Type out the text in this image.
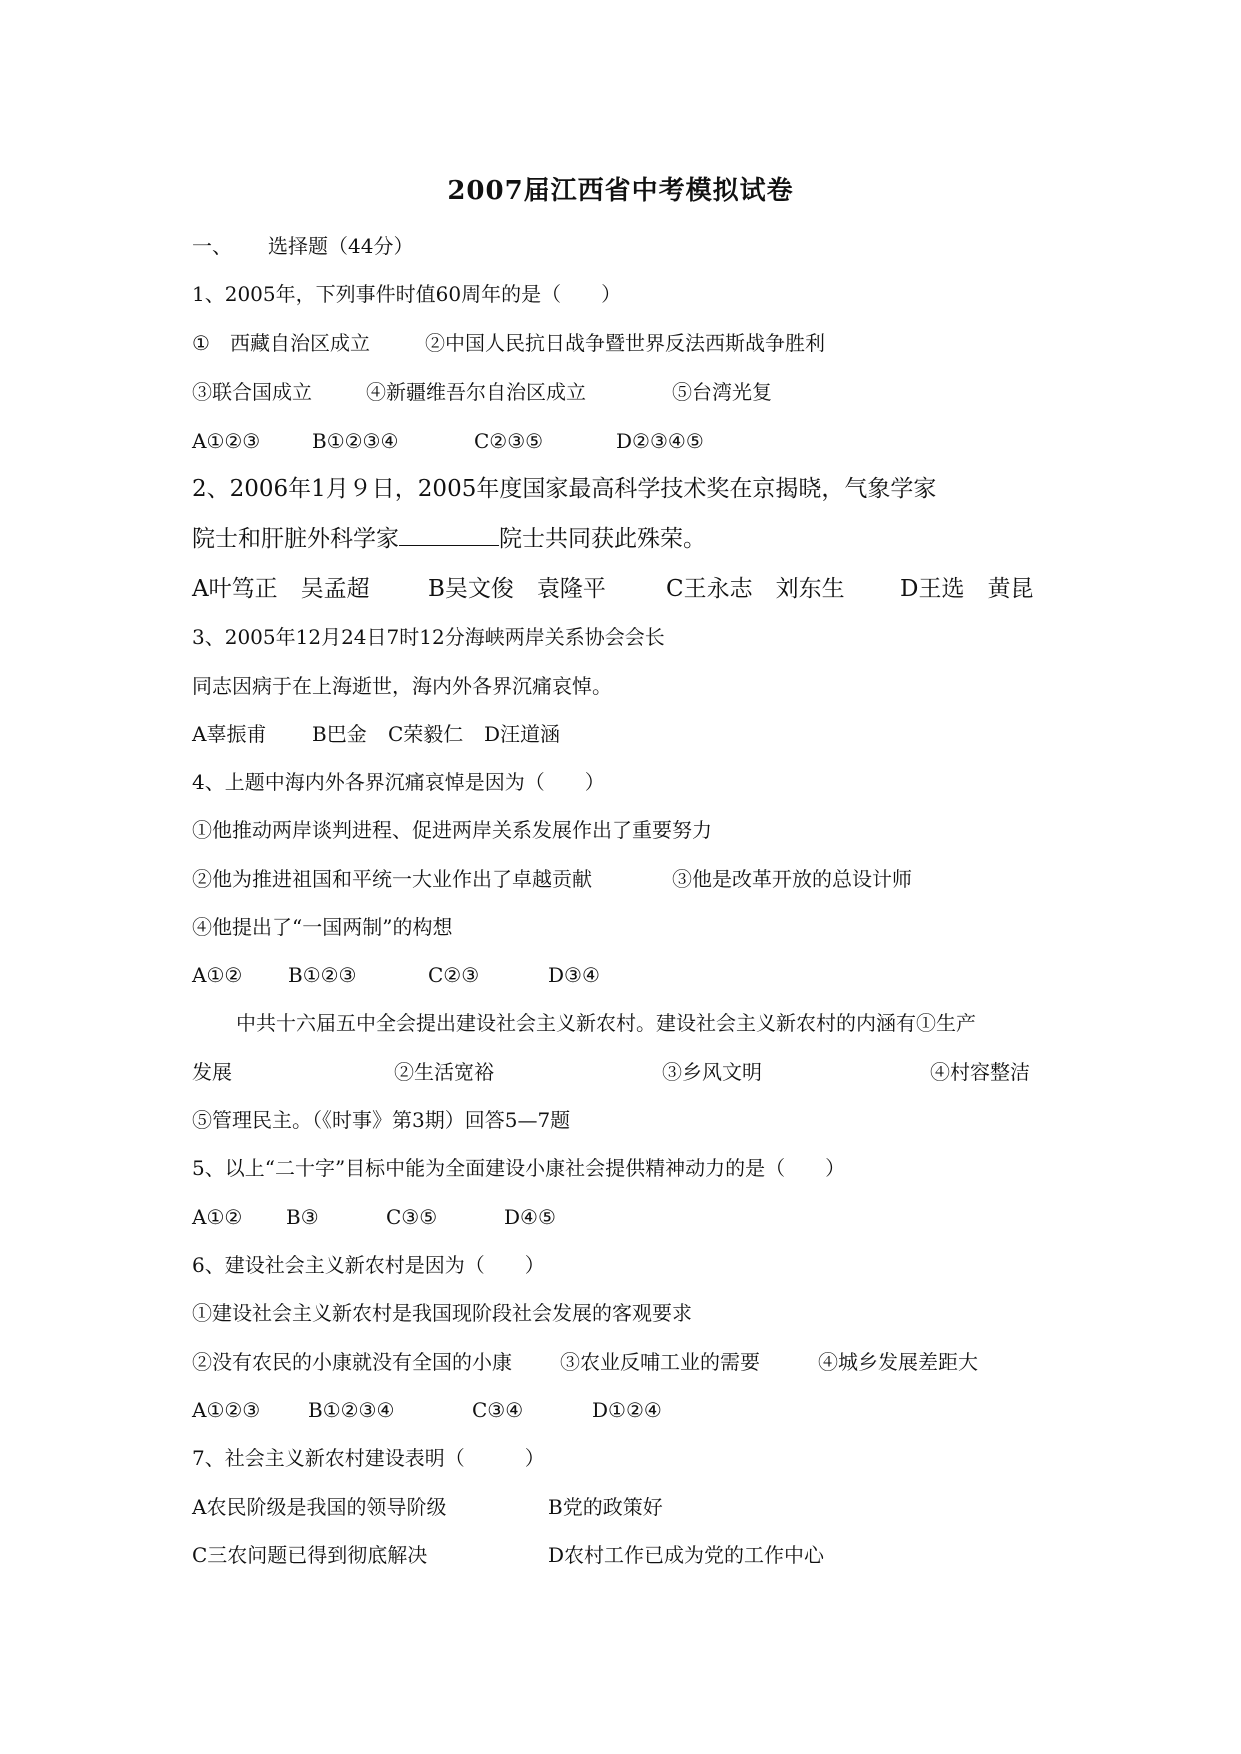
2007届江西省中考模拟试卷
一、 选择题（44分）
1、2005年，下列事件时值60周年的是（　　）
① 西藏自治区成立	②中国人民抗日战争暨世界反法西斯战争胜利
③联合国成立	④新疆维吾尔自治区成立	⑤台湾光复
A①②③	B①②③④	C②③⑤	D②③④⑤
2、2006年1月９日，2005年度国家最高科学技术奖在京揭晓，气象学家
院士和肝脏外科学家	院士共同获此殊荣。
A叶笃正　吴孟超	B吴文俊　袁隆平	C王永志　刘东生 D王选　黄昆
3、2005年12月24日7时12分海峡两岸关系协会会长
同志因病于在上海逝世，海内外各界沉痛哀悼。
A辜振甫 B巴金 C荣毅仁 D汪道涵
4、上题中海内外各界沉痛哀悼是因为（　　）
①他推动两岸谈判进程、促进两岸关系发展作出了重要努力
②他为推进祖国和平统一大业作出了卓越贡献	③他是改革开放的总设计师
④他提出了“一国两制”的构想
A①② B①②③	C②③	D③④
中共十六届五中全会提出建设社会主义新农村。建设社会主义新农村的内涵有①生产
发展	②生活宽裕	③乡风文明	④村容整洁
⑤管理民主。（《时事》第3期）回答5—7题
5、以上“二十字”目标中能为全面建设小康社会提供精神动力的是（　　）
A①② B③	C③⑤	D④⑤
6、建设社会主义新农村是因为（　　）
①建设社会主义新农村是我国现阶段社会发展的客观要求
②没有农民的小康就没有全国的小康 ③农业反哺工业的需要	④城乡发展差距大
A①②③ B①②③④	C③④	D①②④
7、社会主义新农村建设表明（　　　）
A农民阶级是我国的领导阶级	B党的政策好
C三农问题已得到彻底解决	D农村工作已成为党的工作中心
